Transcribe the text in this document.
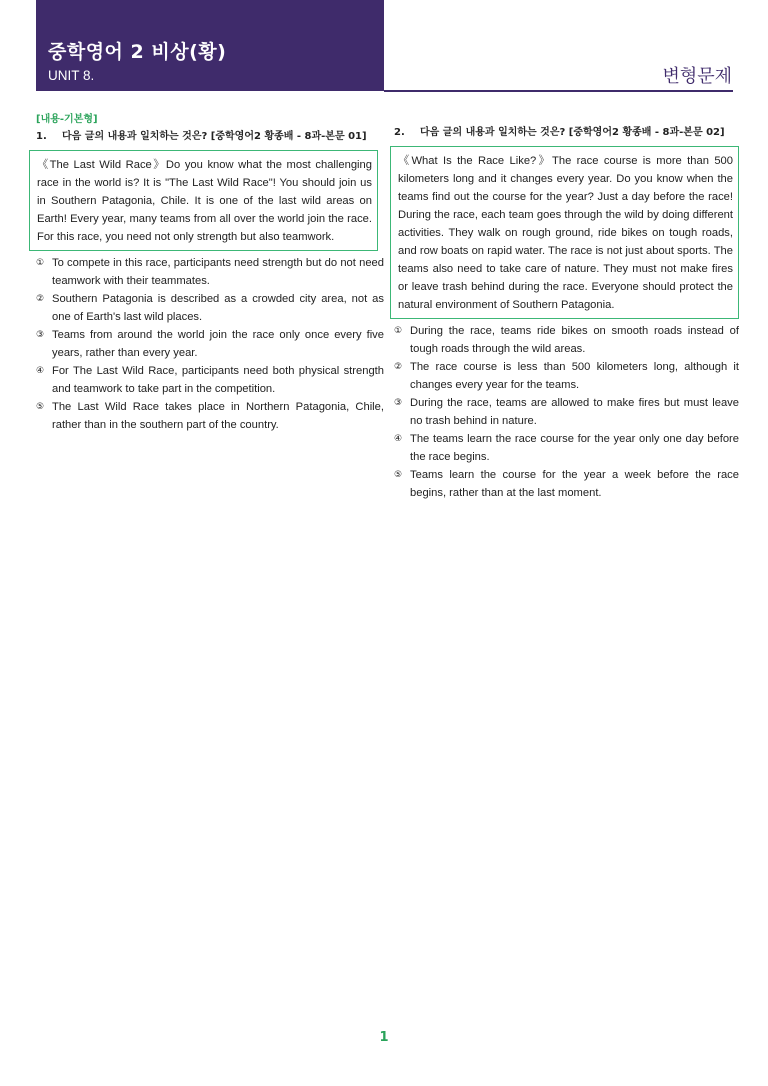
중학영어 2 비상(황)
UNIT 8.	변형문제
[내용-기본형]
1.	다음 글의 내용과 일치하는 것은? [중학영어2 황종배 - 8과-본문 01]
《The Last Wild Race》Do you know what the most challenging race in the world is? It is "The Last Wild Race"! You should join us in Southern Patagonia, Chile. It is one of the last wild areas on Earth! Every year, many teams from all over the world join the race. For this race, you need not only strength but also teamwork.
① To compete in this race, participants need strength but do not need teamwork with their teammates.
② Southern Patagonia is described as a crowded city area, not as one of Earth's last wild places.
③ Teams from around the world join the race only once every five years, rather than every year.
④ For The Last Wild Race, participants need both physical strength and teamwork to take part in the competition.
⑤ The Last Wild Race takes place in Northern Patagonia, Chile, rather than in the southern part of the country.

2.	다음 글의 내용과 일치하는 것은? [중학영어2 황종배 - 8과-본문 02]
《What Is the Race Like?》The race course is more than 500 kilometers long and it changes every year. Do you know when the teams find out the course for the year? Just a day before the race! During the race, each team goes through the wild by doing different activities. They walk on rough ground, ride bikes on tough roads, and row boats on rapid water. The race is not just about sports. The teams also need to take care of nature. They must not make fires or leave trash behind during the race. Everyone should protect the natural environment of Southern Patagonia.
① During the race, teams ride bikes on smooth roads instead of tough roads through the wild areas.
② The race course is less than 500 kilometers long, although it changes every year for the teams.
③ During the race, teams are allowed to make fires but must leave no trash behind in nature.
④ The teams learn the race course for the year only one day before the race begins.
⑤ Teams learn the course for the year a week before the race begins, rather than at the last moment.
1
